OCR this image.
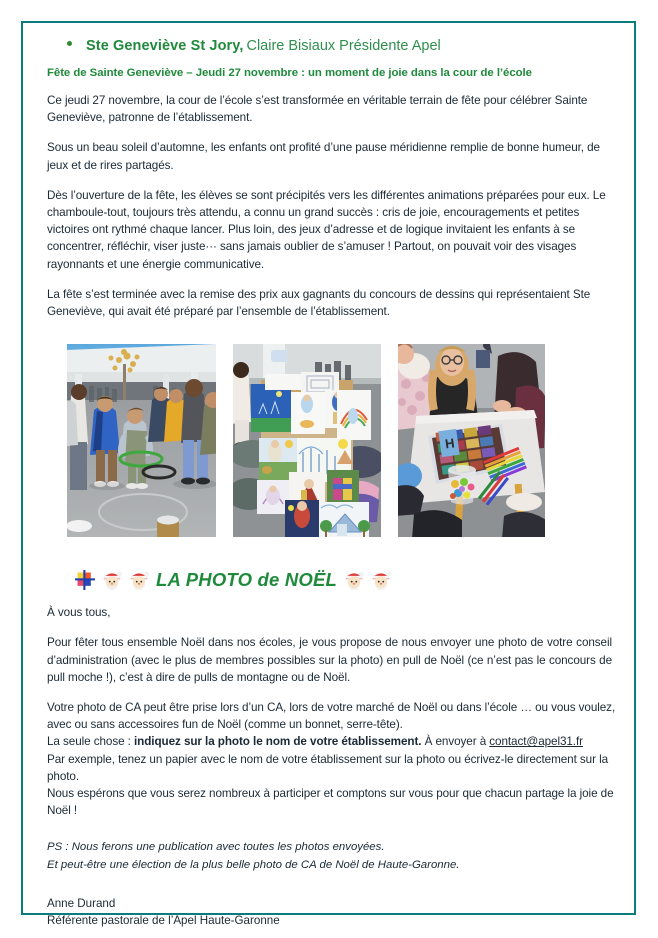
Ste Geneviève St Jory, Claire Bisiaux Présidente Apel
Fête de Sainte Geneviève – Jeudi 27 novembre : un moment de joie dans la cour de l’école

Ce jeudi 27 novembre, la cour de l’école s’est transformée en véritable terrain de fête pour célébrer Sainte Geneviève, patronne de l’établissement.

Sous un beau soleil d’automne, les enfants ont profité d’une pause méridienne remplie de bonne humeur, de jeux et de rires partagés.

Dès l’ouverture de la fête, les élèves se sont précipités vers les différentes animations préparées pour eux. Le chamboule-tout, toujours très attendu, a connu un grand succès : cris de joie, encouragements et petites victoires ont rythmé chaque lancer. Plus loin, des jeux d’adresse et de logique invitaient les enfants à se concentrer, réfléchir, viser juste··· sans jamais oublier de s’amuser ! Partout, on pouvait voir des visages rayonnants et une énergie communicative.

La fête s’est terminée avec la remise des prix aux gagnants du concours de dessins qui représentaient Ste Geneviève, qui avait été préparé par l’ensemble de l’établissement.

H
LA PHOTO de NOËL

À vous tous,

Pour fêter tous ensemble Noël dans nos écoles, je vous propose de nous envoyer une photo de votre conseil d’administration (avec le plus de membres possibles sur la photo) en pull de Noël (ce n’est pas le concours de pull moche !), c’est à dire de pulls de montagne ou de Noël.

Votre photo de CA peut être prise lors d’un CA, lors de votre marché de Noël ou dans l’école … ou vous voulez,
avec ou sans accessoires fun de Noël (comme un bonnet, serre-tête).
La seule chose : indiquez sur la photo le nom de votre établissement. À envoyer à contact@apel31.fr
Par exemple, tenez un papier avec le nom de votre établissement sur la photo ou écrivez-le directement sur la
photo.
Nous espérons que vous serez nombreux à participer et comptons sur vous pour que chacun partage la joie de
Noël !
PS : Nous ferons une publication avec toutes les photos envoyées.
Et peut-être une élection de la plus belle photo de CA de Noël de Haute-Garonne.
Anne Durand
Référente pastorale de l’Apel Haute-Garonne
